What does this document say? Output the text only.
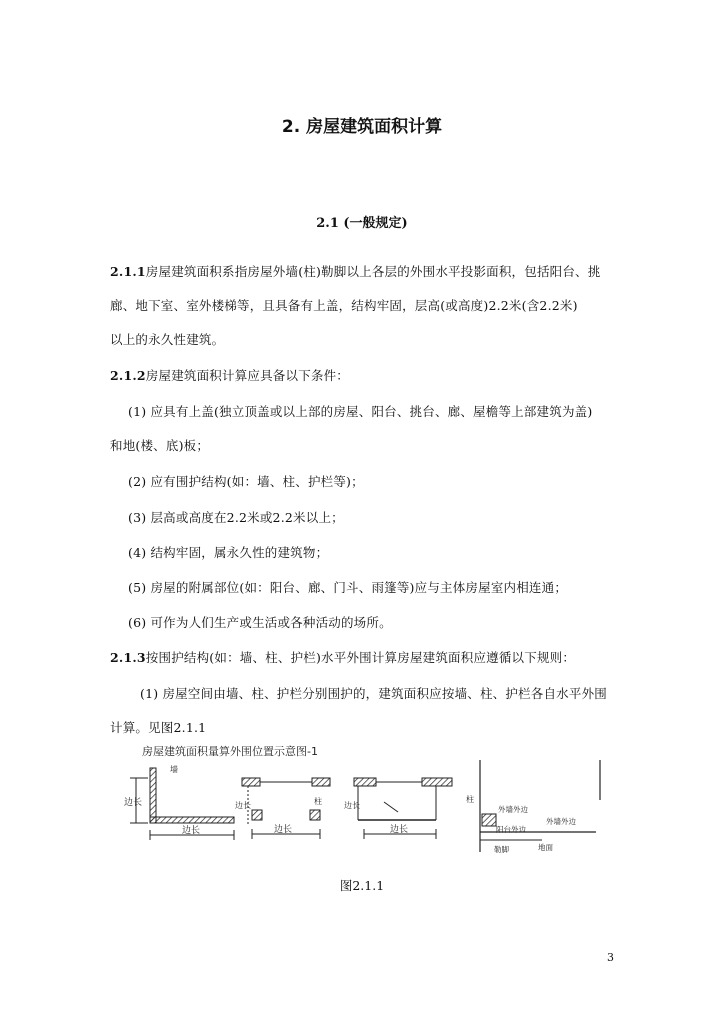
2. 房屋建筑面积计算
2.1 (一般规定)
2.1.1房屋建筑面积系指房屋外墙(柱)勒脚以上各层的外围水平投影面积，包括阳台、挑
廊、地下室、室外楼梯等，且具备有上盖，结构牢固，层高(或高度)2.2米(含2.2米)
以上的永久性建筑。
2.1.2房屋建筑面积计算应具备以下条件：
(1) 应具有上盖(独立顶盖或以上部的房屋、阳台、挑台、廊、屋檐等上部建筑为盖)
和地(楼、底)板；
(2) 应有围护结构(如：墙、柱、护栏等)；
(3) 层高或高度在2.2米或2.2米以上；
(4) 结构牢固，属永久性的建筑物；
(5) 房屋的附属部位(如：阳台、廊、门斗、雨篷等)应与主体房屋室内相连通；
(6) 可作为人们生产或生活或各种活动的场所。
2.1.3按围护结构(如：墙、柱、护栏)水平外围计算房屋建筑面积应遵循以下规则：
(1) 房屋空间由墙、柱、护栏分别围护的，建筑面积应按墙、柱、护栏各自水平外围
计算。见图2.1.1
房屋建筑面积量算外围位置示意图-1
边长
边长
墙
边长	柱
边长
边长
边长
柱
外墙外边
外墙外边
阳台外边
勒脚	地面
图2.1.1
3
